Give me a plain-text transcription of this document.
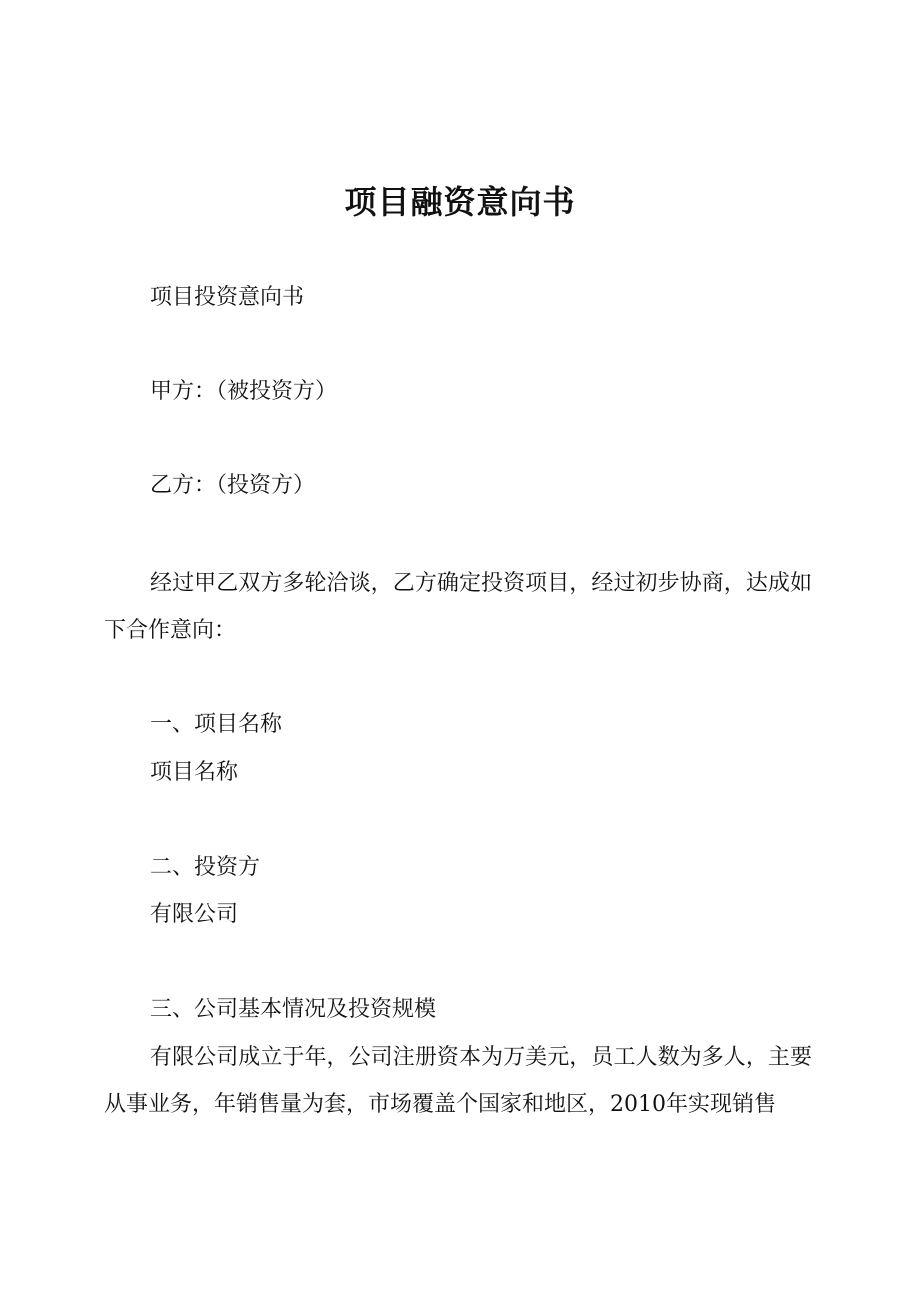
项目融资意向书
项目投资意向书
甲方：（被投资方）
乙方：（投资方）
经过甲乙双方多轮洽谈，乙方确定投资项目，经过初步协商，达成如下合作意向：
一、项目名称
项目名称
二、投资方
有限公司
三、公司基本情况及投资规模
有限公司成立于年，公司注册资本为万美元，员工人数为多人，主要从事业务，年销售量为套，市场覆盖个国家和地区，2010年实现销售
